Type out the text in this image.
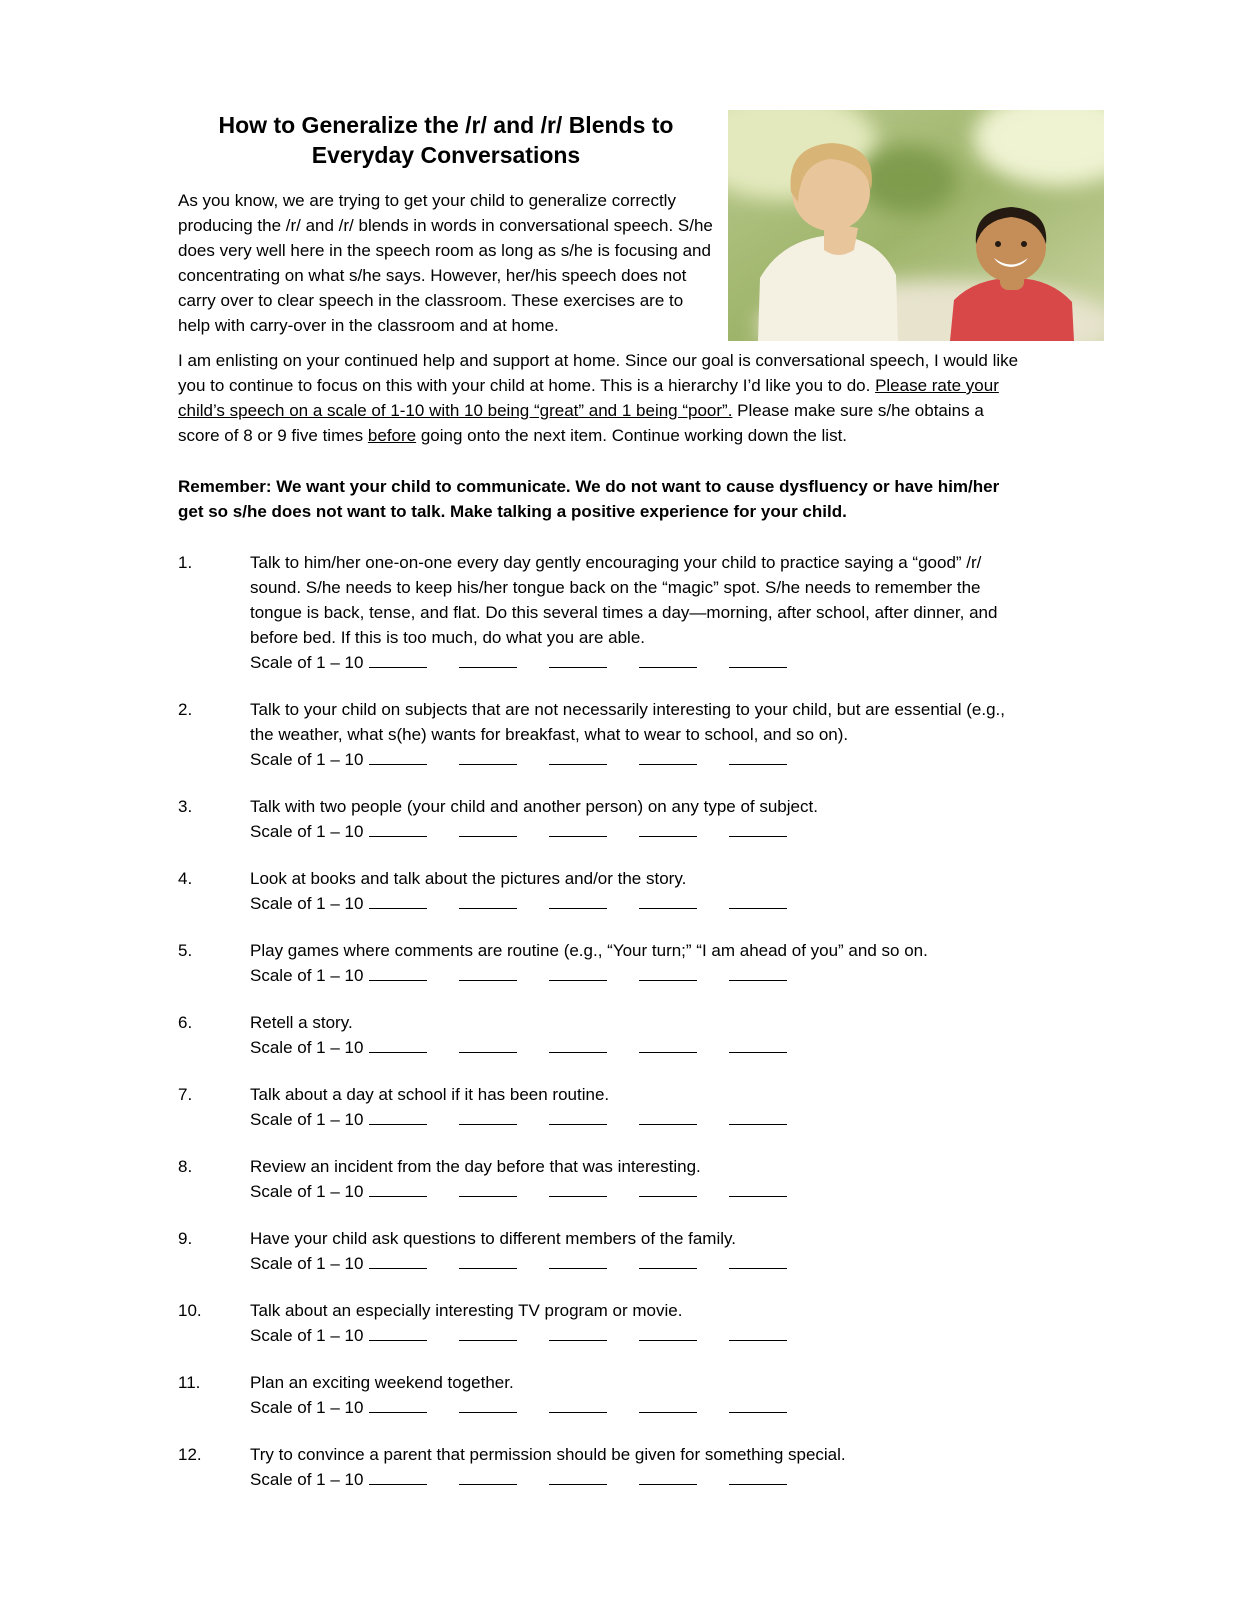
How to Generalize the /r/ and /r/ Blends to
Everyday Conversations
As you know, we are trying to get your child to generalize correctly producing the /r/ and /r/ blends in words in conversational speech. S/he does very well here in the speech room as long as s/he is focusing and concentrating on what s/he says. However, her/his speech does not carry over to clear speech in the classroom. These exercises are to help with carry-over in the classroom and at home.

I am enlisting on your continued help and support at home. Since our goal is conversational speech, I would like you to continue to focus on this with your child at home. This is a hierarchy I’d like you to do. Please rate your child’s speech on a scale of 1-10 with 10 being “great” and 1 being “poor”. Please make sure s/he obtains a score of 8 or 9 five times before going onto the next item. Continue working down the list.

Remember: We want your child to communicate. We do not want to cause dysfluency or have him/her get so s/he does not want to talk. Make talking a positive experience for your child.

1.	Talk to him/her one-on-one every day gently encouraging your child to practice saying a “good” /r/ sound. S/he needs to keep his/her tongue back on the “magic” spot. S/he needs to remember the tongue is back, tense, and flat. Do this several times a day—morning, after school, after dinner, and before bed. If this is too much, do what you are able.
Scale of 1 – 10
2.	Talk to your child on subjects that are not necessarily interesting to your child, but are essential (e.g., the weather, what s(he) wants for breakfast, what to wear to school, and so on).
Scale of 1 – 10
3.	Talk with two people (your child and another person) on any type of subject.
Scale of 1 – 10
4.	Look at books and talk about the pictures and/or the story.
Scale of 1 – 10
5.	Play games where comments are routine (e.g., “Your turn;” “I am ahead of you” and so on.
Scale of 1 – 10
6.	Retell a story.
Scale of 1 – 10
7.	Talk about a day at school if it has been routine.
Scale of 1 – 10
8.	Review an incident from the day before that was interesting.
Scale of 1 – 10
9.	Have your child ask questions to different members of the family.
Scale of 1 – 10
10.	Talk about an especially interesting TV program or movie.
Scale of 1 – 10
11.	Plan an exciting weekend together.
Scale of 1 – 10
12.	Try to convince a parent that permission should be given for something special.
Scale of 1 – 10
